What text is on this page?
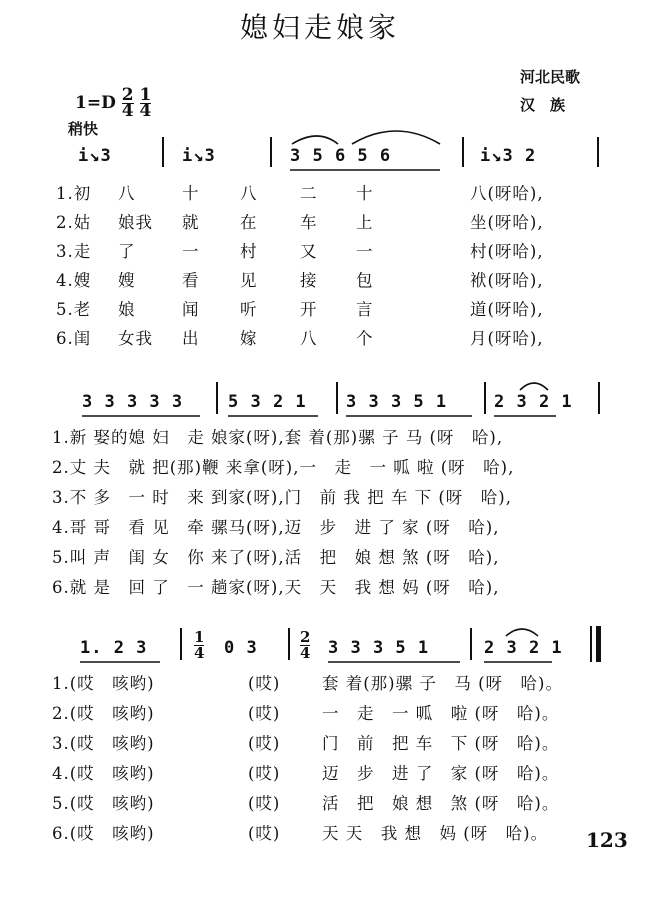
媳妇走娘家
河北民歌
汉　族
$1=D \frac{2}{4}$
$\frac{1}{4}$
稍快
i↘3	i↘3	3 5 6 5 6	i↘3 2
1.初 八	十 八	二 十	八(呀哈),
2.姑 娘我 就 在	车 上	坐(呀哈),
3.走 了	一 村	又 一	村(呀哈),
4.嫂 嫂	看 见	接 包	袱(呀哈),
5.老 娘	闻 听	开 言	道(呀哈),
6.闺 女我 出 嫁	八 个	月(呀哈),
3 3 3 3 3	5 3 2 1 3 3 3 5 1	2 3 2 1
1.新 娶的媳 妇　走 娘家(呀),套 着(那)骡 子 马 (呀　哈),
2.丈 夫　就 把(那)鞭 来拿(呀),一　走　一 呱 啦 (呀　哈),
3.不 多　一 时　来 到家(呀),门　前 我 把 车 下 (呀　哈),
4.哥 哥　看 见　牵 骡马(呀),迈　步　进 了 家 (呀　哈),
5.叫 声　闺 女　你 来了(呀),活　把　娘 想 煞 (呀　哈),
6.就 是　回 了　一 趟家(呀),天　天　我 想 妈 (呀　哈),
1. 2 3	$\frac{1}{4} 0$ 3	$\frac{2}{4} 3$ 3 3 5 1	2 3 2 1
1.(哎　咳哟)	(哎)	套 着(那)骡 子　马 (呀　哈)。
2.(哎　咳哟)	(哎)	一　走　一 呱　啦 (呀　哈)。
3.(哎　咳哟)	(哎)	门　前　把 车　下 (呀　哈)。
4.(哎　咳哟)	(哎)	迈　步　进 了　家 (呀　哈)。
5.(哎　咳哟)	(哎)	活　把　娘 想　煞 (呀　哈)。
6.(哎　咳哟)	(哎)	天 天　我 想　妈 (呀　哈)。 123
